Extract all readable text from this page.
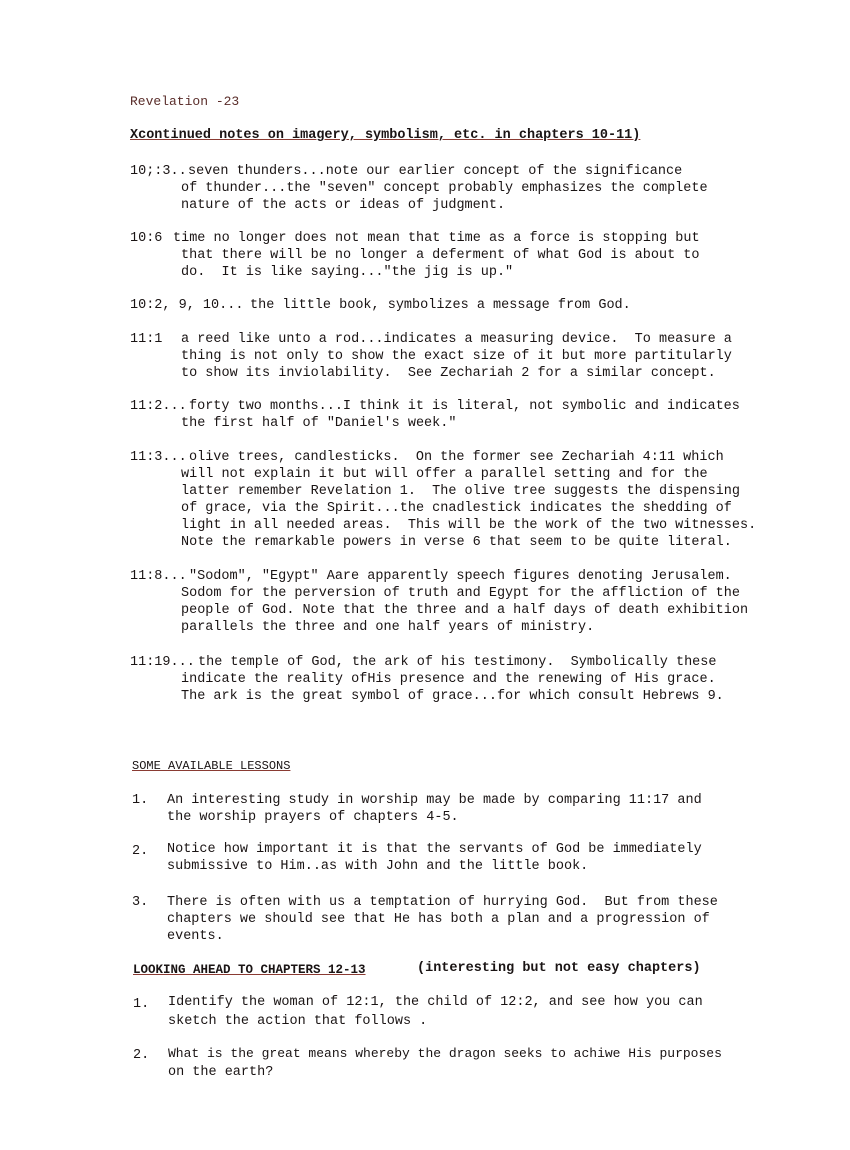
Revelation -23
Xcontinued notes on imagery, symbolism, etc. in chapters 10-11)
10;:3.. seven thunders...note our earlier concept of the significance
of thunder...the "seven" concept probably emphasizes the complete
nature of the acts or ideas of judgment.
10:6 time no longer does not mean that time as a force is stopping but
that there will be no longer a deferment of what God is about to
do.  It is like saying..."the jig is up."
10:2, 9, 10... the little book, symbolizes a message from God.
11:1 a reed like unto a rod...indicates a measuring device.  To measure a
thing is not only to show the exact size of it but more partitularly
to show its inviolability.  See Zechariah 2 for a similar concept.
11:2... forty two months...I think it is literal, not symbolic and indicates
the first half of "Daniel's week."
11:3... olive trees, candlesticks.  On the former see Zechariah 4:11 which
will not explain it but will offer a parallel setting and for the
latter remember Revelation 1.  The olive tree suggests the dispensing
of grace, via the Spirit...the cnadlestick indicates the shedding of
light in all needed areas.  This will be the work of the two witnesses.
Note the remarkable powers in verse 6 that seem to be quite literal.
11:8... "Sodom", "Egypt" Aare apparently speech figures denoting Jerusalem.
Sodom for the perversion of truth and Egypt for the affliction of the
people of God. Note that the three and a half days of death exhibition
parallels the three and one half years of ministry.
11:19... the temple of God, the ark of his testimony.  Symbolically these
indicate the reality ofHis presence and the renewing of His grace.
The ark is the great symbol of grace...for which consult Hebrews 9.
SOME AVAILABLE LESSONS
1. An interesting study in worship may be made by comparing 11:17 and
the worship prayers of chapters 4-5.
2. Notice how important it is that the servants of God be immediately
submissive to Him..as with John and the little book.
3. There is often with us a temptation of hurrying God.  But from these
chapters we should see that He has both a plan and a progression of
events.
LOOKING AHEAD TO CHAPTERS 12-13	(interesting but not easy chapters)
1. Identify the woman of 12:1, the child of 12:2, and see how you can
sketch the action that follows .
2. What is the great means whereby the dragon seeks to achiwe His purposes
on the earth?
